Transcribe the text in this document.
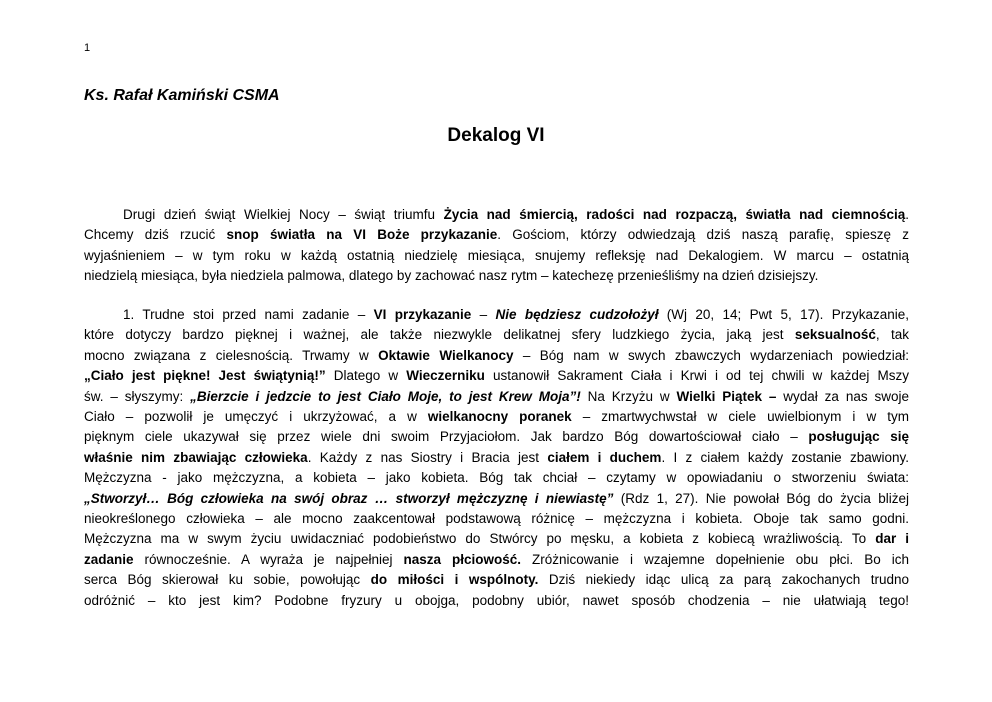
1
Ks. Rafał Kamiński CSMA
Dekalog VI
Drugi dzień świąt Wielkiej Nocy – świąt triumfu Życia nad śmiercią, radości nad rozpaczą, światła nad ciemnością.
Chcemy dziś rzucić snop światła na VI Boże przykazanie. Gościom, którzy odwiedzają dziś naszą parafię, spieszę z
wyjaśnieniem – w tym roku w każdą ostatnią niedzielę miesiąca, snujemy refleksję nad Dekalogiem. W marcu – ostatnią
niedzielą miesiąca, była niedziela palmowa, dlatego by zachować nasz rytm – katechezę przenieśliśmy na dzień dzisiejszy.
1. Trudne stoi przed nami zadanie – VI przykazanie – Nie będziesz cudzołożył (Wj 20, 14; Pwt 5, 17). Przykazanie,
które dotyczy bardzo pięknej i ważnej, ale także niezwykle delikatnej sfery ludzkiego życia, jaką jest seksualność, tak
mocno związana z cielesnością. Trwamy w Oktawie Wielkanocy – Bóg nam w swych zbawczych wydarzeniach powiedział:
„Ciało jest piękne! Jest świątynią!” Dlatego w Wieczerniku ustanowił Sakrament Ciała i Krwi i od tej chwili w każdej Mszy
św. – słyszymy: „Bierzcie i jedzcie to jest Ciało Moje, to jest Krew Moja”! Na Krzyżu w Wielki Piątek – wydał za nas swoje
Ciało – pozwolił je umęczyć i ukrzyżować, a w wielkanocny poranek – zmartwychwstał w ciele uwielbionym i w tym
pięknym ciele ukazywał się przez wiele dni swoim Przyjaciołom. Jak bardzo Bóg dowartościował ciało – posługując się
właśnie nim zbawiając człowieka. Każdy z nas Siostry i Bracia jest ciałem i duchem. I z ciałem każdy zostanie zbawiony.
Mężczyzna - jako mężczyzna, a kobieta – jako kobieta. Bóg tak chciał – czytamy w opowiadaniu o stworzeniu świata:
„Stworzył… Bóg człowieka na swój obraz … stworzył mężczyznę i niewiastę” (Rdz 1, 27). Nie powołał Bóg do życia bliżej
nieokreślonego człowieka – ale mocno zaakcentował podstawową różnicę – mężczyzna i kobieta. Oboje tak samo godni.
Mężczyzna ma w swym życiu uwidaczniać podobieństwo do Stwórcy po męsku, a kobieta z kobiecą wrażliwością. To dar i
zadanie równocześnie. A wyraża je najpełniej nasza płciowość. Zróżnicowanie i wzajemne dopełnienie obu płci. Bo ich
serca Bóg skierował ku sobie, powołując do miłości i wspólnoty. Dziś niekiedy idąc ulicą za parą zakochanych trudno
odróżnić – kto jest kim? Podobne fryzury u obojga, podobny ubiór, nawet sposób chodzenia – nie ułatwiają tego!
